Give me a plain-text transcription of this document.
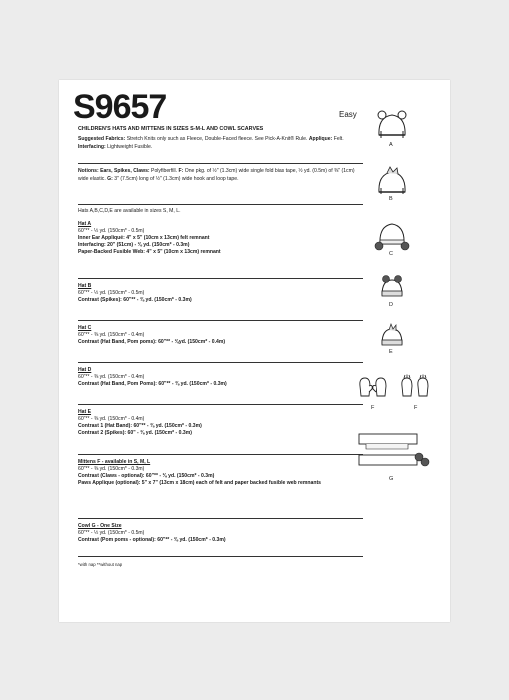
S9657	Easy
CHILDREN'S HATS AND MITTENS IN SIZES S-M-L AND COWL SCARVES
Suggested Fabrics: Stretch Knits only such as Fleece, Double-Faced fleece. See Pick-A-Knit® Rule. Applique: Felt. Interfacing: Lightweight Fusible.
Notions: Ears, Spikes, Claws: Polyfiberfill. F: One pkg. of ½" (1.3cm) wide single fold bias tape, ½ yd. (0.5m) of ⅜" (1cm) wide elastic. G: 3" (7.5cm) long of ½" (1.3cm) wide hook and loop tape.
Hats A,B,C,D,E are available in sizes S, M, L.
Hat A
60"** - ½ yd. (150cm* - 0.5m)
Inner Ear Appliqué: 4" x 5" (10cm x 13cm) felt remnant
Interfacing: 20" (51cm) - ⅜ yd. (150cm* - 0.3m)
Paper-Backed Fusible Web: 4" x 5" (10cm x 13cm) remnant
Hat B
60"** - ½ yd. (150cm* - 0.5m)
Contrast (Spikes): 60"** - ⅜ yd. (150cm* - 0.3m)
Hat C
60"** - ⅜ yd. (150cm* - 0.4m)
Contrast (Hat Band, Pom poms): 60"** - ⅜yd. (150cm* - 0.4m)
Hat D
60"** - ⅜ yd. (150cm* - 0.4m)
Contrast (Hat Band, Pom Poms): 60"** - ⅜ yd. (150cm* - 0.3m)
Hat E
60"** - ⅜ yd. (150cm* - 0.4m)
Contrast 1 (Hat Band): 60"** - ⅜ yd. (150cm* - 0.3m)
Contrast 2 (Spikes): 60" - ⅜ yd. (150cm* - 0.3m)
Mittens F - available in S, M, L
60"** - ⅜ yd. (150cm* - 0.3m)
Contrast (Claws - optional): 60"** - ⅜ yd. (150cm* - 0.3m)
Paws Applique (optional): 5" x 7" (13cm x 18cm) each of felt and paper backed fusible web remnants
Cowl G - One Size
60"** - ½ yd. (150cm* - 0.5m)
Contrast (Pom poms - optional): 60"** - ⅜ yd. (150cm* - 0.3m)
*with nap **without nap
A
B
C
D
E
F	F
G
